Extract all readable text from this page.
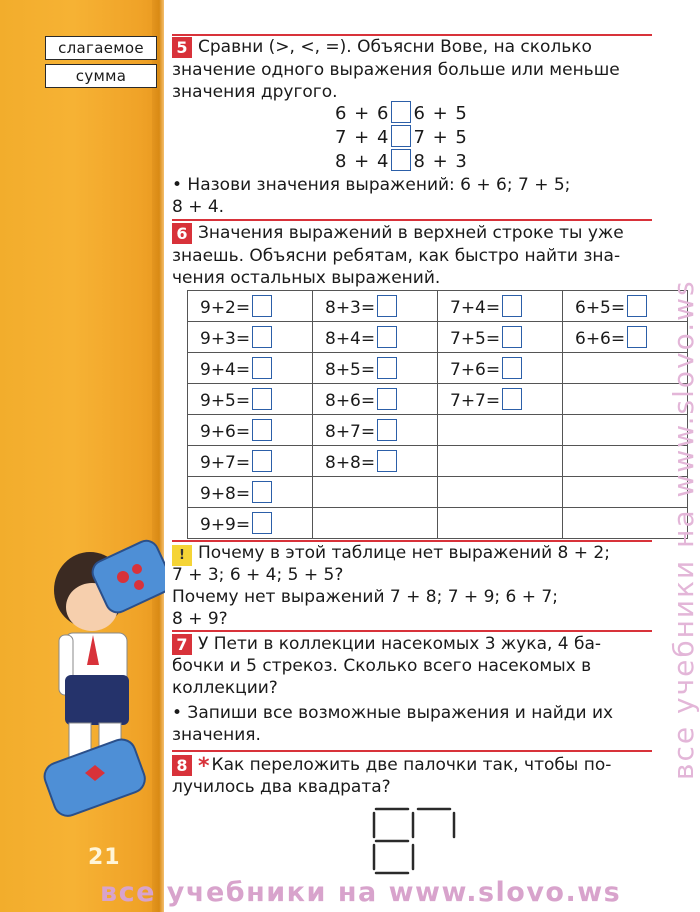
слагаемое
сумма
21
5 Сравни (>, <, =). Объясни Вове, на сколько
значение одного выражения больше или меньше
значения другого.
6 + 6 6 + 5
7 + 4 7 + 5
8 + 4 8 + 3
• Назови значения выражений: 6 + 6; 7 + 5;
8 + 4.
6 Значения выражений в верхней строке ты уже
знаешь. Объясни ребятам, как быстро найти зна-
чения остальных выражений.
9+2=	8+3=	7+4=	6+5=
9+3=	8+4=	7+5=	6+6=
9+4=	8+5=	7+6=	
9+5=	8+6=	7+7=	
9+6=	8+7=		
9+7=	8+8=		
9+8=			
9+9=			
! Почему в этой таблице нет выражений 8 + 2;
7 + 3; 6 + 4; 5 + 5?
Почему нет выражений 7 + 8; 7 + 9; 6 + 7;
8 + 9?
7 У Пети в коллекции насекомых 3 жука, 4 ба-
бочки и 5 стрекоз. Сколько всего насекомых в
коллекции?
• Запиши все возможные выражения и найди их
значения.
8 * Как переложить две палочки так, чтобы по-
лучилось два квадрата?
все учебники на www.slovo.ws
все учебники на www.slovo.ws
